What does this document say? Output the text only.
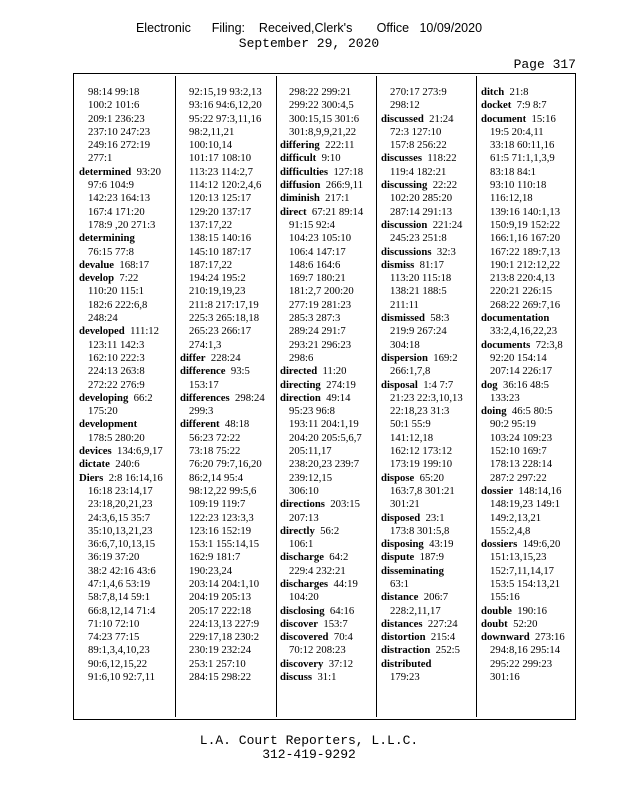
Electronic      Filing:    Received,Clerk's       Office   10/09/2020
September 29, 2020
Page 317
98:14 99:18
100:2 101:6
209:1 236:23
237:10 247:23
249:16 272:19
277:1
determined  93:20
97:6 104:9
142:23 164:13
167:4 171:20
178:9 ,20 271:3
determining
76:15 77:8
devalue  168:17
develop  7:22
110:20 115:1
182:6 222:6,8
248:24
developed  111:12
123:11 142:3
162:10 222:3
224:13 263:8
272:22 276:9
developing  66:2
175:20
development
178:5 280:20
devices  134:6,9,17
dictate  240:6
Diers  2:8 16:14,16
16:18 23:14,17
23:18,20,21,23
24:3,6,15 35:7
35:10,13,21,23
36:6,7,10,13,15
36:19 37:20
38:2 42:16 43:6
47:1,4,6 53:19
58:7,8,14 59:1
66:8,12,14 71:4
71:10 72:10
74:23 77:15
89:1,3,4,10,23
90:6,12,15,22
91:6,10 92:7,11
92:15,19 93:2,13
93:16 94:6,12,20
95:22 97:3,11,16
98:2,11,21
100:10,14
101:17 108:10
113:23 114:2,7
114:12 120:2,4,6
120:13 125:17
129:20 137:17
137:17,22
138:15 140:16
145:10 187:17
187:17,22
194:24 195:2
210:19,19,23
211:8 217:17,19
225:3 265:18,18
265:23 266:17
274:1,3
differ  228:24
difference  93:5
153:17
differences  298:24
299:3
different  48:18
56:23 72:22
73:18 75:22
76:20 79:7,16,20
86:2,14 95:4
98:12,22 99:5,6
109:19 119:7
122:23 123:3,3
123:16 152:19
153:1 155:14,15
162:9 181:7
190:23,24
203:14 204:1,10
204:19 205:13
205:17 222:18
224:13,13 227:9
229:17,18 230:2
230:19 232:24
253:1 257:10
284:15 298:22
298:22 299:21
299:22 300:4,5
300:15,15 301:6
301:8,9,9,21,22
differing  222:11
difficult  9:10
difficulties  127:18
diffusion  266:9,11
diminish  217:1
direct  67:21 89:14
91:15 92:4
104:23 105:10
106:4 147:17
148:6 164:6
169:7 180:21
181:2,7 200:20
277:19 281:23
285:3 287:3
289:24 291:7
293:21 296:23
298:6
directed  11:20
directing  274:19
direction  49:14
95:23 96:8
193:11 204:1,19
204:20 205:5,6,7
205:11,17
238:20,23 239:7
239:12,15
306:10
directions  203:15
207:13
directly  56:2
106:1
discharge  64:2
229:4 232:21
discharges  44:19
104:20
disclosing  64:16
discover  153:7
discovered  70:4
70:12 208:23
discovery  37:12
discuss  31:1
270:17 273:9
298:12
discussed  21:24
72:3 127:10
157:8 256:22
discusses  118:22
119:4 182:21
discussing  22:22
102:20 285:20
287:14 291:13
discussion  221:24
245:23 251:8
discussions  32:3
dismiss  81:17
113:20 115:18
138:21 188:5
211:11
dismissed  58:3
219:9 267:24
304:18
dispersion  169:2
266:1,7,8
disposal  1:4 7:7
21:23 22:3,10,13
22:18,23 31:3
50:1 55:9
141:12,18
162:12 173:12
173:19 199:10
dispose  65:20
163:7,8 301:21
301:21
disposed  23:1
173:8 301:5,8
disposing  43:19
dispute  187:9
disseminating
63:1
distance  206:7
228:2,11,17
distances  227:24
distortion  215:4
distraction  252:5
distributed
179:23
ditch  21:8
docket  7:9 8:7
document  15:16
19:5 20:4,11
33:18 60:11,16
61:5 71:1,1,3,9
83:18 84:1
93:10 110:18
116:12,18
139:16 140:1,13
150:9,19 152:22
166:1,16 167:20
167:22 189:7,13
190:1 212:12,22
213:8 220:4,13
220:21 226:15
268:22 269:7,16
documentation
33:2,4,16,22,23
documents  72:3,8
92:20 154:14
207:14 226:17
dog  36:16 48:5
133:23
doing  46:5 80:5
90:2 95:19
103:24 109:23
152:10 169:7
178:13 228:14
287:2 297:22
dossier  148:14,16
148:19,23 149:1
149:2,13,21
155:2,4,8
dossiers  149:6,20
151:13,15,23
152:7,11,14,17
153:5 154:13,21
155:16
double  190:16
doubt  52:20
downward  273:16
294:8,16 295:14
295:22 299:23
301:16
L.A. Court Reporters, L.L.C.
312-419-9292
